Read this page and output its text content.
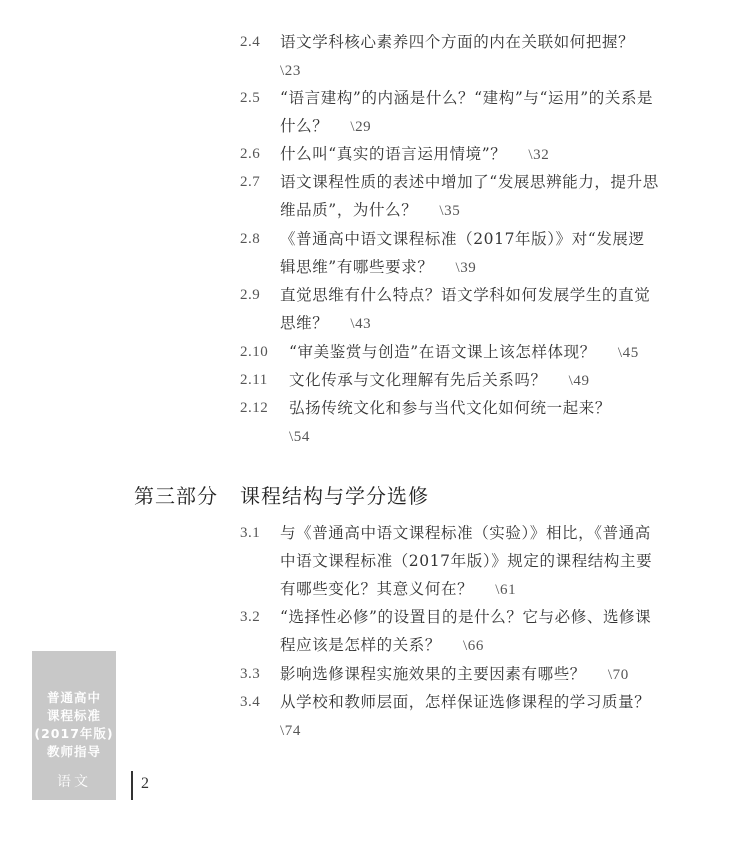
2.4 语文学科核心素养四个方面的内在关联如何把握？
\23
2.5 “语言建构”的内涵是什么？“建构”与“运用”的关系是什么？ \29
2.6 什么叫“真实的语言运用情境”？ \32
2.7 语文课程性质的表述中增加了“发展思辨能力，提升思维品质”，为什么？ \35
2.8 《普通高中语文课程标准（2017年版）》对“发展逻辑思维”有哪些要求？ \39
2.9 直觉思维有什么特点？语文学科如何发展学生的直觉思维？ \43
2.10 “审美鉴赏与创造”在语文课上该怎样体现？ \45
2.11 文化传承与文化理解有先后关系吗？ \49
2.12 弘扬传统文化和参与当代文化如何统一起来？
\54
第三部分 课程结构与学分选修
3.1 与《普通高中语文课程标准（实验）》相比，《普通高中语文课程标准（2017年版）》规定的课程结构主要有哪些变化？其意义何在？ \61
3.2 “选择性必修”的设置目的是什么？它与必修、选修课程应该是怎样的关系？ \66
3.3 影响选修课程实施效果的主要因素有哪些？ \70
3.4 从学校和教师层面，怎样保证选修课程的学习质量？
\74
普通高中
课程标准
(2017年版)
教师指导
语文	2
